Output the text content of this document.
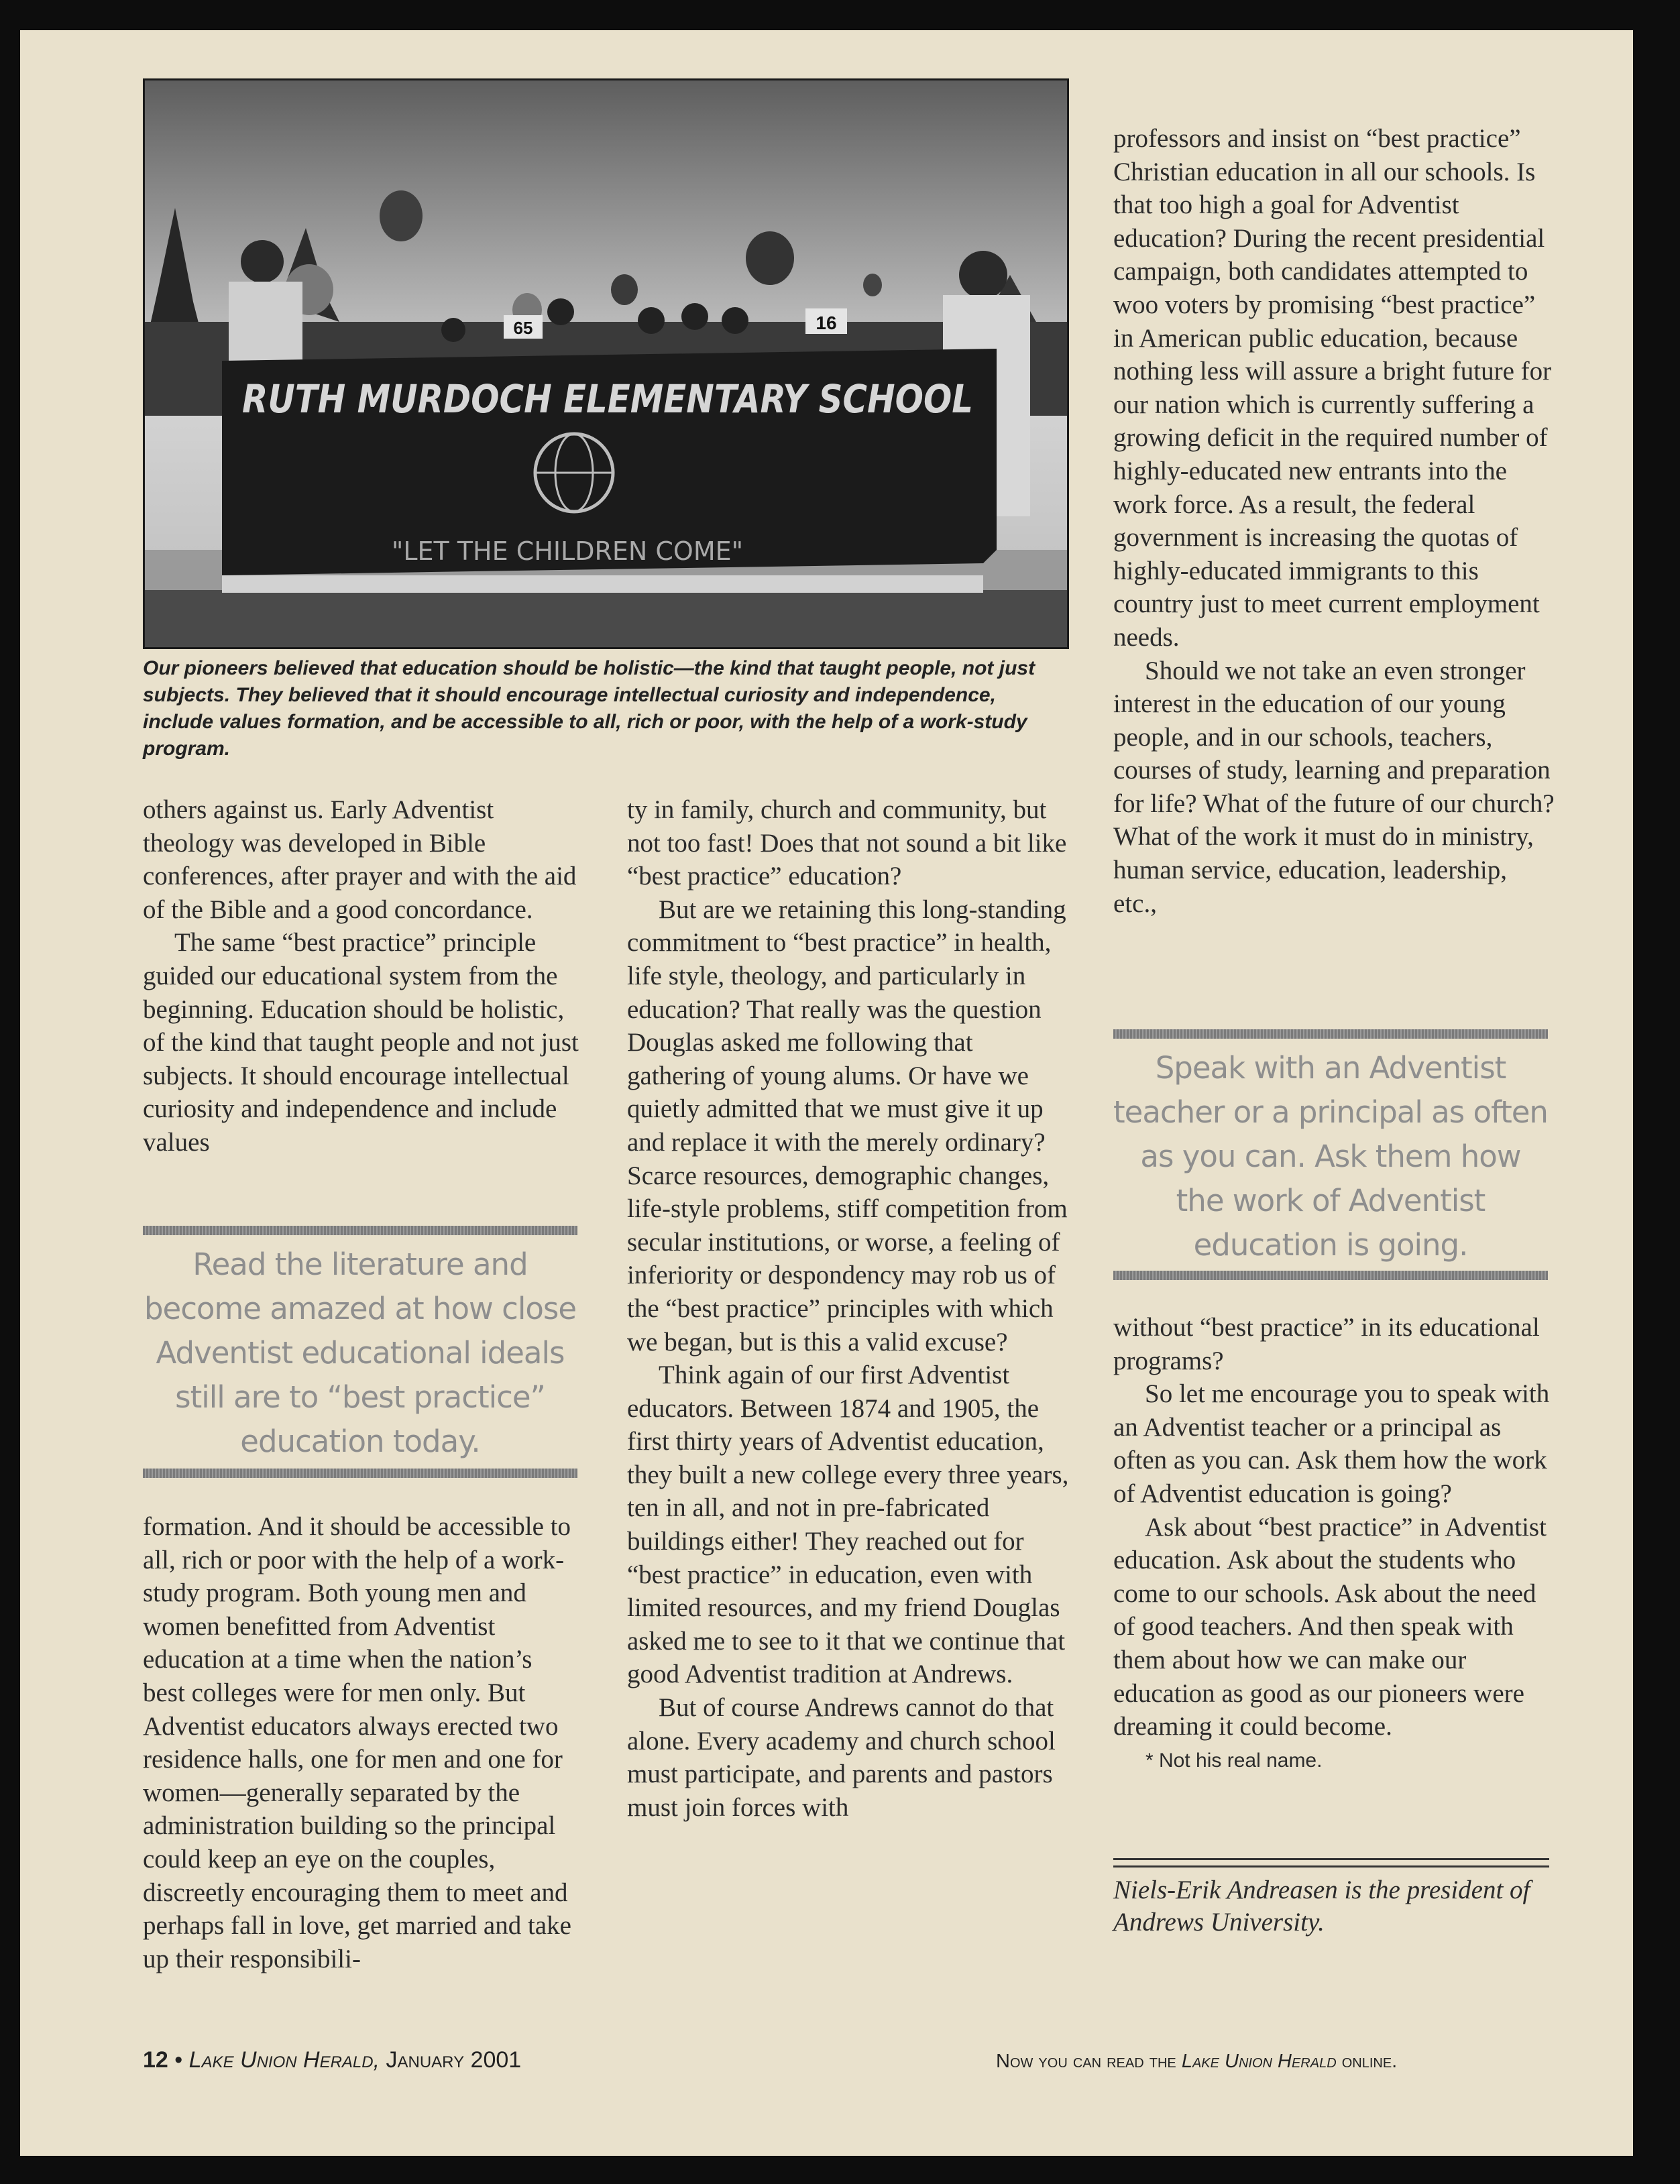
65	16
RUTH MURDOCH ELEMENTARY SCHOOL
"LET THE CHILDREN COME"
Our pioneers believed that education should be holistic—the kind that taught people, not just subjects. They believed that it should encourage intellectual curiosity and independence, include values formation, and be accessible to all, rich or poor, with the help of a work-study program.

others against us. Early Adventist theology was developed in Bible conferences, after prayer and with the aid of the Bible and a good concordance.

The same “best practice” principle guided our educational system from the beginning. Education should be holistic, of the kind that taught people and not just subjects. It should encourage intellectual curiosity and independence and include values

Read the literature and become amazed at how close Adventist educational ideals still are to “best practice” education today.

formation. And it should be accessible to all, rich or poor with the help of a work-study program. Both young men and women benefitted from Adventist education at a time when the nation’s best colleges were for men only. But Adventist educators always erected two residence halls, one for men and one for women—generally separated by the administration building so the principal could keep an eye on the couples, discreetly encouraging them to meet and perhaps fall in love, get married and take up their responsibili-

ty in family, church and community, but not too fast! Does that not sound a bit like “best practice” education?

But are we retaining this long-standing commitment to “best practice” in health, life style, theology, and particularly in education? That really was the question Douglas asked me following that gathering of young alums. Or have we quietly admitted that we must give it up and replace it with the merely ordinary? Scarce resources, demographic changes, life-style problems, stiff competition from secular institutions, or worse, a feeling of inferiority or despondency may rob us of the “best practice” principles with which we began, but is this a valid excuse?

Think again of our first Adventist educators. Between 1874 and 1905, the first thirty years of Adventist education, they built a new college every three years, ten in all, and not in pre-fabricated buildings either! They reached out for “best practice” in education, even with limited resources, and my friend Douglas asked me to see to it that we continue that good Adventist tradition at Andrews.

But of course Andrews cannot do that alone. Every academy and church school must participate, and parents and pastors must join forces with

professors and insist on “best practice” Christian education in all our schools. Is that too high a goal for Adventist education? During the recent presidential campaign, both candidates attempted to woo voters by promising “best practice” in American public education, because nothing less will assure a bright future for our nation which is currently suffering a growing deficit in the required number of highly-educated new entrants into the work force. As a result, the federal government is increasing the quotas of highly-educated immigrants to this country just to meet current employment needs.

Should we not take an even stronger interest in the education of our young people, and in our schools, teachers, courses of study, learning and preparation for life? What of the future of our church? What of the work it must do in ministry, human service, education, leadership, etc.,

Speak with an Adventist teacher or a principal as often as you can. Ask them how the work of Adventist education is going.

without “best practice” in its educational programs?

So let me encourage you to speak with an Adventist teacher or a principal as often as you can. Ask them how the work of Adventist education is going?

Ask about “best practice” in Adventist education. Ask about the students who come to our schools. Ask about the need of good teachers. And then speak with them about how we can make our education as good as our pioneers were dreaming it could become.

* Not his real name.

Niels-Erik Andreasen is the president of Andrews University.
12 • Lake Union Herald, January 2001	Now you can read the Lake Union Herald online.
